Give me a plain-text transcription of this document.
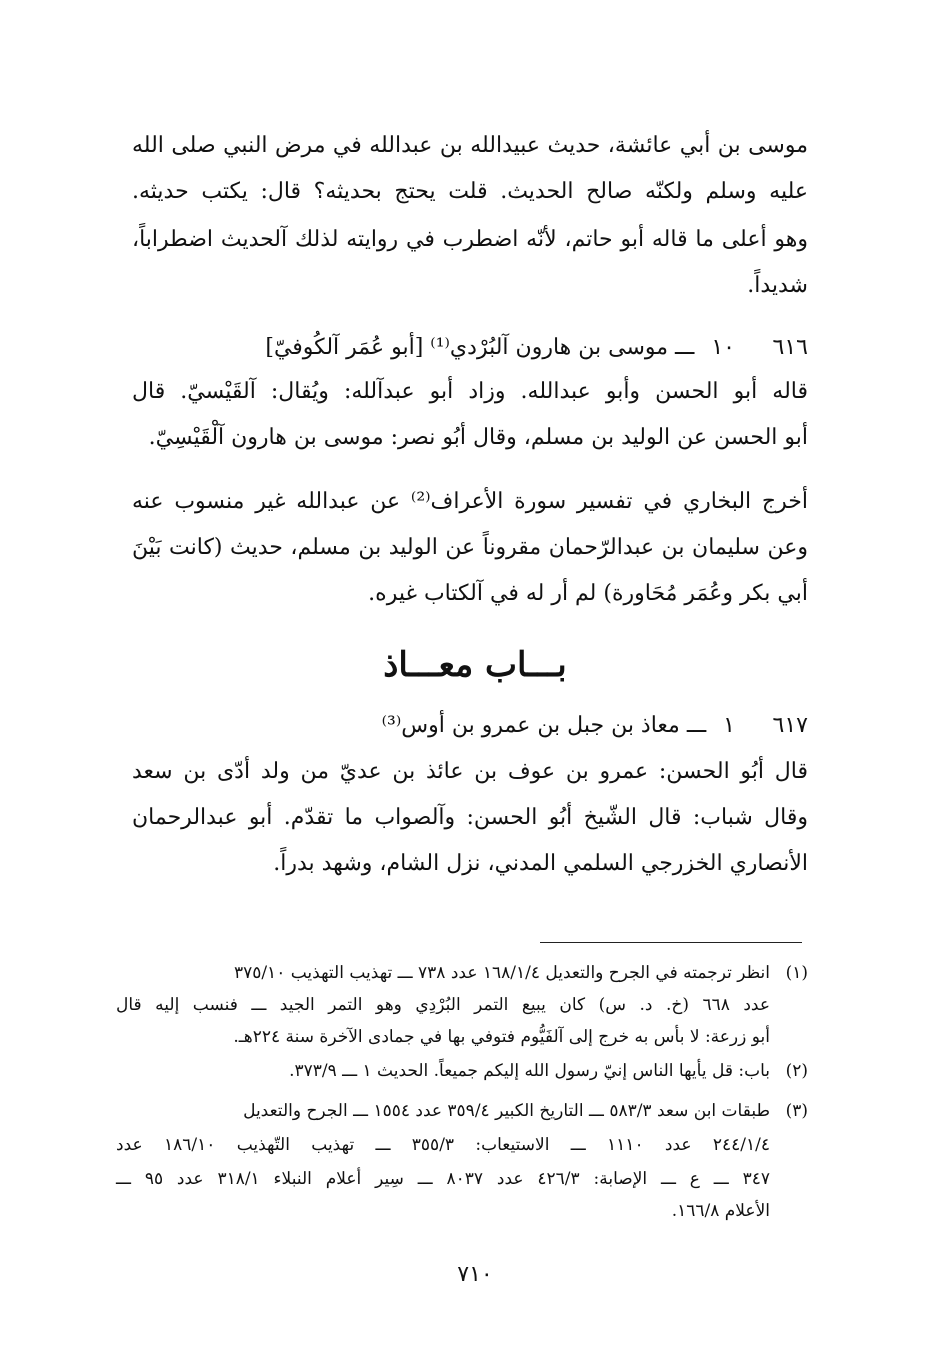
موسى بن أبي عائشة، حديث عبيدالله بن عبدالله في مرض النبي صلى الله
عليه وسلم ولكنّه صالح الحديث. قلت يحتج بحديثه؟ قال: يكتب حديثه.
وهو أعلى ما قاله أبو حاتم، لأنّه اضطرب في روايته لذلك آلحديث اضطراباً،
شديداً.
٦١٦ ١٠ ـــ موسى بن هارون آلبُرْدي⁽¹⁾ [أبو عُمَر آلكُوفيّ]
قاله أبو الحسن وأبو عبدالله. وزاد أبو عبدآلله: ويُقال: آلقَيْسيّ. قال
أبو الحسن عن الوليد بن مسلم، وقال أبُو نصر: موسى بن هارون آلْقَيْسِيّ.
أخرج البخاري في تفسير سورة الأعراف⁽²⁾ عن عبدالله غير منسوب عنه
وعن سليمان بن عبدالرّحمان مقروناً عن الوليد بن مسلم، حديث (كانت بَيْنَ
أبي بكر وعُمَر مُحَاورة) لم أر له في آلكتاب غيره.
بـــاب معـــاذ
٦١٧ ١ ـــ معاذ بن جبل بن عمرو بن أوس⁽³⁾
قال أبُو الحسن: عمرو بن عوف بن عائذ بن عديّ من ولد أدّى بن سعد
وقال شباب: قال الشّيخ أبُو الحسن: وآلصواب ما تقدّم. أبو عبدالرحمان
الأنصاري الخزرجي السلمي المدني، نزل الشام، وشهد بدراً.
(١)انظر ترجمته في الجرح والتعديل ١٦٨/١/٤ عدد ٧٣٨ ـــ تهذيب التهذيب ٣٧٥/١٠
عدد ٦٦٨ (خ. د. س) كان يبيع التمر البُرْدِي وهو التمر الجيد ـــ فنسب إليه قال
أبو زرعة: لا بأس به خرج إلى آلفَيُّوم فتوفي بها في جمادى الآخرة سنة ٢٢٤هـ.
(٢)باب: قل يأيها الناس إنيّ رسول الله إليكم جميعاً. الحديث ١ ـــ ٣٧٣/٩.
(٣)طبقات ابن سعد ٥٨٣/٣ ـــ التاريخ الكبير ٣٥٩/٤ عدد ١٥٥٤ ـــ الجرح والتعديل
٢٤٤/١/٤ عدد ١١١٠ ـــ الاستيعاب: ٣٥٥/٣ ـــ تهذيب التّهذيب ١٨٦/١٠ عدد
٣٤٧ ـــ ع ـــ الإصابة: ٤٢٦/٣ عدد ٨٠٣٧ ـــ سِير أعلام النبلاء ٣١٨/١ عدد ٩٥ ـــ
الأعلام ١٦٦/٨.
٧١٠
